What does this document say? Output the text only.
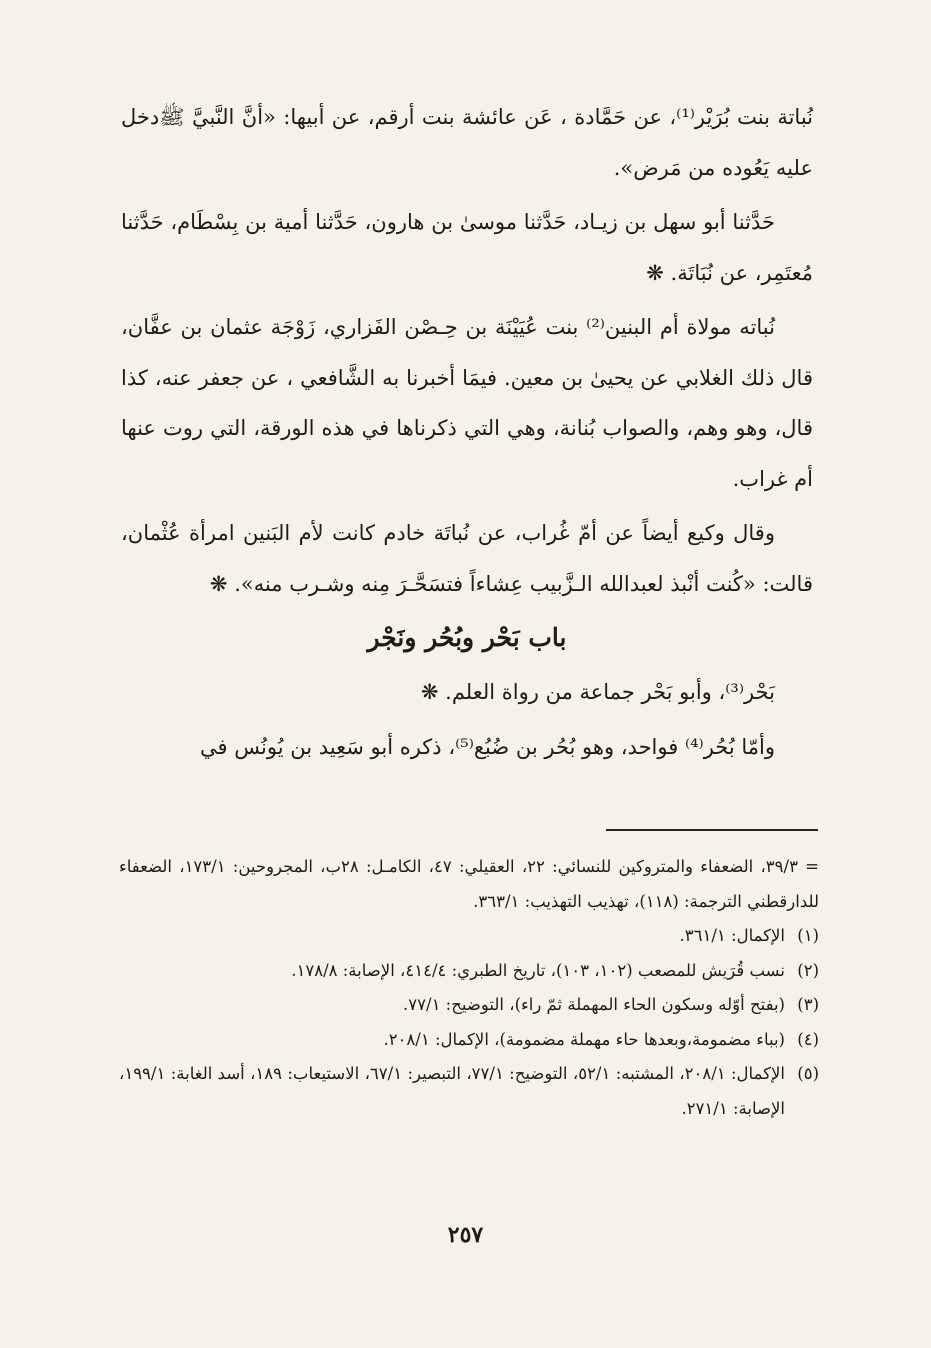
نُباتة بنت بُرَيْر⁽¹⁾، عن حَمَّادة ، عَن عائشة بنت أرقم، عن أبيها: «أنَّ النَّبيَّ ﷺدخل عليه يَعُوده من مَرض».

حَدَّثنا أبو سهل بن زيـاد، حَدَّثنا موسىٰ بن هارون، حَدَّثنا أمية بن بِسْطَام، حَدَّثنا مُعتَمِر، عن نُبَاتَة. ❋

نُباته مولاة أم البنين⁽²⁾ بنت عُيَيْنَة بن حِـصْن الفَزاري، زَوْجَة عثمان بن عفَّان، قال ذلك الغلابي عن يحيىٰ بن معين. فيمَا أخبرنا به الشَّافعي ، عن جعفر عنه، كذا قال، وهو وهم، والصواب بُنانة، وهي التي ذكرناها في هذه الورقة، التي روت عنها أم غراب.

وقال وكيع أيضاً عن أمّ غُراب، عن نُباتَة خادم كانت لأم البَنين امرأة عُثْمان، قالت: «كُنت أنْبذ لعبدالله الـزَّبيب عِشاءاً فتسَحَّـرَ مِنه وشـرب منه». ❋

باب بَحْر وبُحُر ونَجْر

بَحْر⁽³⁾، وأبو بَحْر جماعة من رواة العلم. ❋

وأمّا بُحُر⁽⁴⁾ فواحد، وهو بُحُر بن ضُبُع⁽⁵⁾، ذكره أبو سَعِيد بن يُونُس في

= ٣٩/٣، الضعفاء والمتروكين للنسائي: ٢٢، العقيلي: ٤٧، الكامـل: ٢٨ب، المجروحين: ١٧٣/١، الضعفاء للدارقطني الترجمة: (١١٨)، تهذيب التهذيب: ٣٦٣/١.

(١)
الإكمال: ٣٦١/١.
(٢)
نسب قُرَيش للمصعب (١٠٢، ١٠٣)، تاريخ الطبري: ٤١٤/٤، الإصابة: ١٧٨/٨.
(٣)
(بفتح أوّله وسكون الحاء المهملة ثمّ راء)، التوضيح: ٧٧/١.
(٤)
(بباء مضمومة،وبعدها حاء مهملة مضمومة)، الإكمال: ٢٠٨/١.
(٥)
الإكمال: ٢٠٨/١، المشتبه: ٥٢/١، التوضيح: ٧٧/١، التبصير: ٦٧/١، الاستيعاب: ١٨٩، أسد الغابة: ١٩٩/١، الإصابة: ٢٧١/١.
٢٥٧
